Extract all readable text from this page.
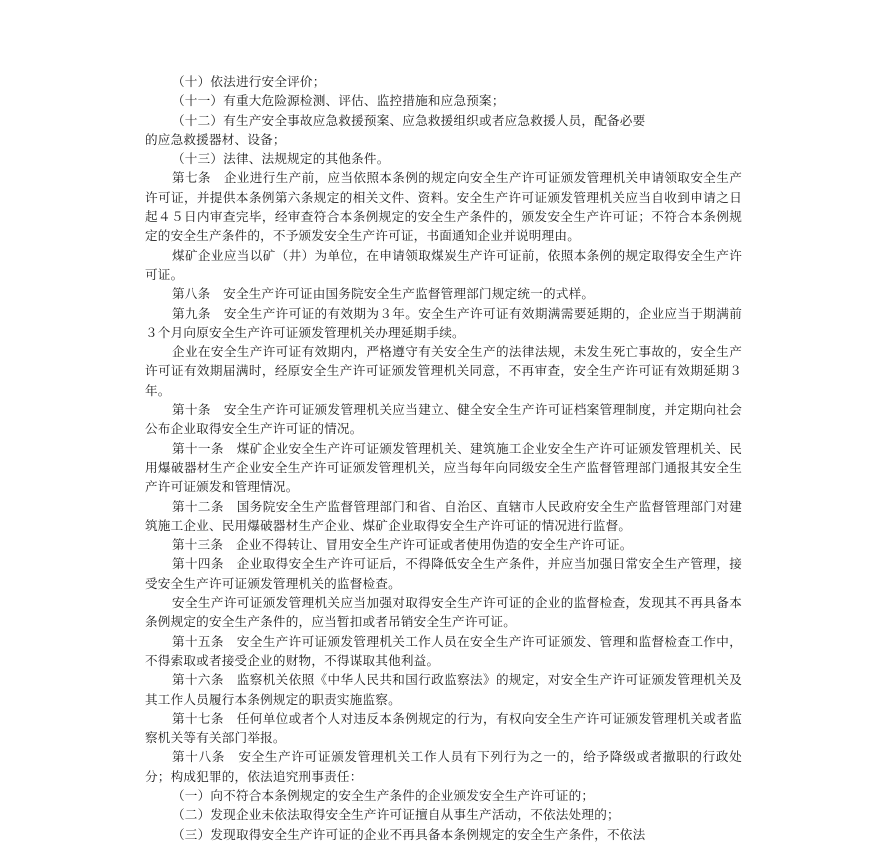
（十）依法进行安全评价；

（十一）有重大危险源检测、评估、监控措施和应急预案；

（十二）有生产安全事故应急救援预案、应急救援组织或者应急救援人员，配备必要

的应急救援器材、设备；

（十三）法律、法规规定的其他条件。

第七条　企业进行生产前，应当依照本条例的规定向安全生产许可证颁发管理机关申请领取安全生产许可证，并提供本条例第六条规定的相关文件、资料。安全生产许可证颁发管理机关应当自收到申请之日起４５日内审查完毕，经审查符合本条例规定的安全生产条件的，颁发安全生产许可证；不符合本条例规定的安全生产条件的，不予颁发安全生产许可证，书面通知企业并说明理由。

煤矿企业应当以矿（井）为单位，在申请领取煤炭生产许可证前，依照本条例的规定取得安全生产许可证。

第八条　安全生产许可证由国务院安全生产监督管理部门规定统一的式样。

第九条　安全生产许可证的有效期为３年。安全生产许可证有效期满需要延期的，企业应当于期满前３个月向原安全生产许可证颁发管理机关办理延期手续。

企业在安全生产许可证有效期内，严格遵守有关安全生产的法律法规，未发生死亡事故的，安全生产许可证有效期届满时，经原安全生产许可证颁发管理机关同意，不再审查，安全生产许可证有效期延期３年。

第十条　安全生产许可证颁发管理机关应当建立、健全安全生产许可证档案管理制度，并定期向社会公布企业取得安全生产许可证的情况。

第十一条　煤矿企业安全生产许可证颁发管理机关、建筑施工企业安全生产许可证颁发管理机关、民用爆破器材生产企业安全生产许可证颁发管理机关，应当每年向同级安全生产监督管理部门通报其安全生产许可证颁发和管理情况。

第十二条　国务院安全生产监督管理部门和省、自治区、直辖市人民政府安全生产监督管理部门对建筑施工企业、民用爆破器材生产企业、煤矿企业取得安全生产许可证的情况进行监督。

第十三条　企业不得转让、冒用安全生产许可证或者使用伪造的安全生产许可证。

第十四条　企业取得安全生产许可证后，不得降低安全生产条件，并应当加强日常安全生产管理，接受安全生产许可证颁发管理机关的监督检查。

安全生产许可证颁发管理机关应当加强对取得安全生产许可证的企业的监督检查，发现其不再具备本条例规定的安全生产条件的，应当暂扣或者吊销安全生产许可证。

第十五条　安全生产许可证颁发管理机关工作人员在安全生产许可证颁发、管理和监督检查工作中，不得索取或者接受企业的财物，不得谋取其他利益。

第十六条　监察机关依照《中华人民共和国行政监察法》的规定，对安全生产许可证颁发管理机关及其工作人员履行本条例规定的职责实施监察。

第十七条　任何单位或者个人对违反本条例规定的行为，有权向安全生产许可证颁发管理机关或者监察机关等有关部门举报。

第十八条　安全生产许可证颁发管理机关工作人员有下列行为之一的，给予降级或者撤职的行政处分；构成犯罪的，依法追究刑事责任：

（一）向不符合本条例规定的安全生产条件的企业颁发安全生产许可证的；

（二）发现企业未依法取得安全生产许可证擅自从事生产活动，不依法处理的；

（三）发现取得安全生产许可证的企业不再具备本条例规定的安全生产条件，不依法
